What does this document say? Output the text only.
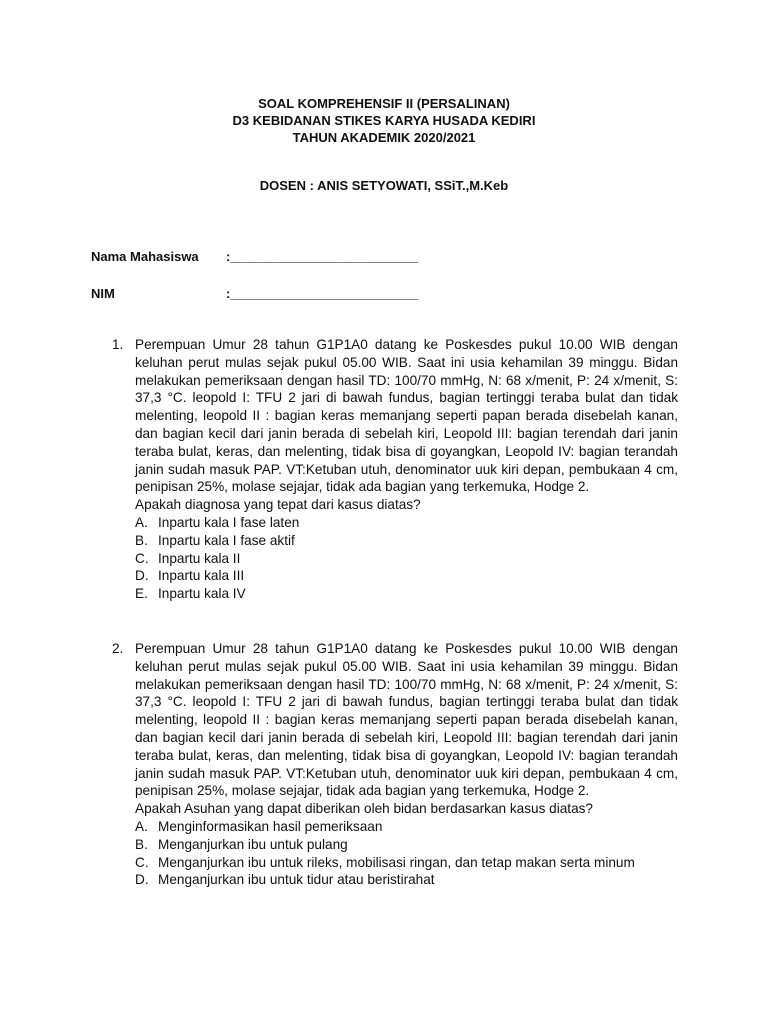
SOAL KOMPREHENSIF II (PERSALINAN)
D3 KEBIDANAN STIKES KARYA HUSADA KEDIRI
TAHUN AKADEMIK 2020/2021
DOSEN : ANIS SETYOWATI, SSiT.,M.Keb
Nama Mahasiswa :__________________________
NIM	:__________________________
1. Perempuan Umur 28 tahun G1P1A0 datang ke Poskesdes pukul 10.00 WIB dengan keluhan perut mulas sejak pukul 05.00 WIB. Saat ini usia kehamilan 39 minggu. Bidan melakukan pemeriksaan dengan hasil TD: 100/70 mmHg, N: 68 x/menit, P: 24 x/menit, S: 37,3 °C. leopold I: TFU 2 jari di bawah fundus, bagian tertinggi teraba bulat dan tidak melenting, leopold II : bagian keras memanjang seperti papan berada disebelah kanan, dan bagian kecil dari janin berada di sebelah kiri, Leopold III: bagian terendah dari janin teraba bulat, keras, dan melenting, tidak bisa di goyangkan, Leopold IV: bagian terandah janin sudah masuk PAP. VT:Ketuban utuh, denominator uuk kiri depan, pembukaan 4 cm, penipisan 25%, molase sejajar, tidak ada bagian yang terkemuka, Hodge 2.
Apakah diagnosa yang tepat dari kasus diatas?
A. Inpartu kala I fase laten
B. Inpartu kala I fase aktif
C. Inpartu kala II
D. Inpartu kala III
E. Inpartu kala IV
2. Perempuan Umur 28 tahun G1P1A0 datang ke Poskesdes pukul 10.00 WIB dengan keluhan perut mulas sejak pukul 05.00 WIB. Saat ini usia kehamilan 39 minggu. Bidan melakukan pemeriksaan dengan hasil TD: 100/70 mmHg, N: 68 x/menit, P: 24 x/menit, S: 37,3 °C. leopold I: TFU 2 jari di bawah fundus, bagian tertinggi teraba bulat dan tidak melenting, leopold II : bagian keras memanjang seperti papan berada disebelah kanan, dan bagian kecil dari janin berada di sebelah kiri, Leopold III: bagian terendah dari janin teraba bulat, keras, dan melenting, tidak bisa di goyangkan, Leopold IV: bagian terandah janin sudah masuk PAP. VT:Ketuban utuh, denominator uuk kiri depan, pembukaan 4 cm, penipisan 25%, molase sejajar, tidak ada bagian yang terkemuka, Hodge 2.
Apakah Asuhan yang dapat diberikan oleh bidan berdasarkan kasus diatas?
A. Menginformasikan hasil pemeriksaan
B. Menganjurkan ibu untuk pulang
C. Menganjurkan ibu untuk rileks, mobilisasi ringan, dan tetap makan serta minum
D. Menganjurkan ibu untuk tidur atau beristirahat
